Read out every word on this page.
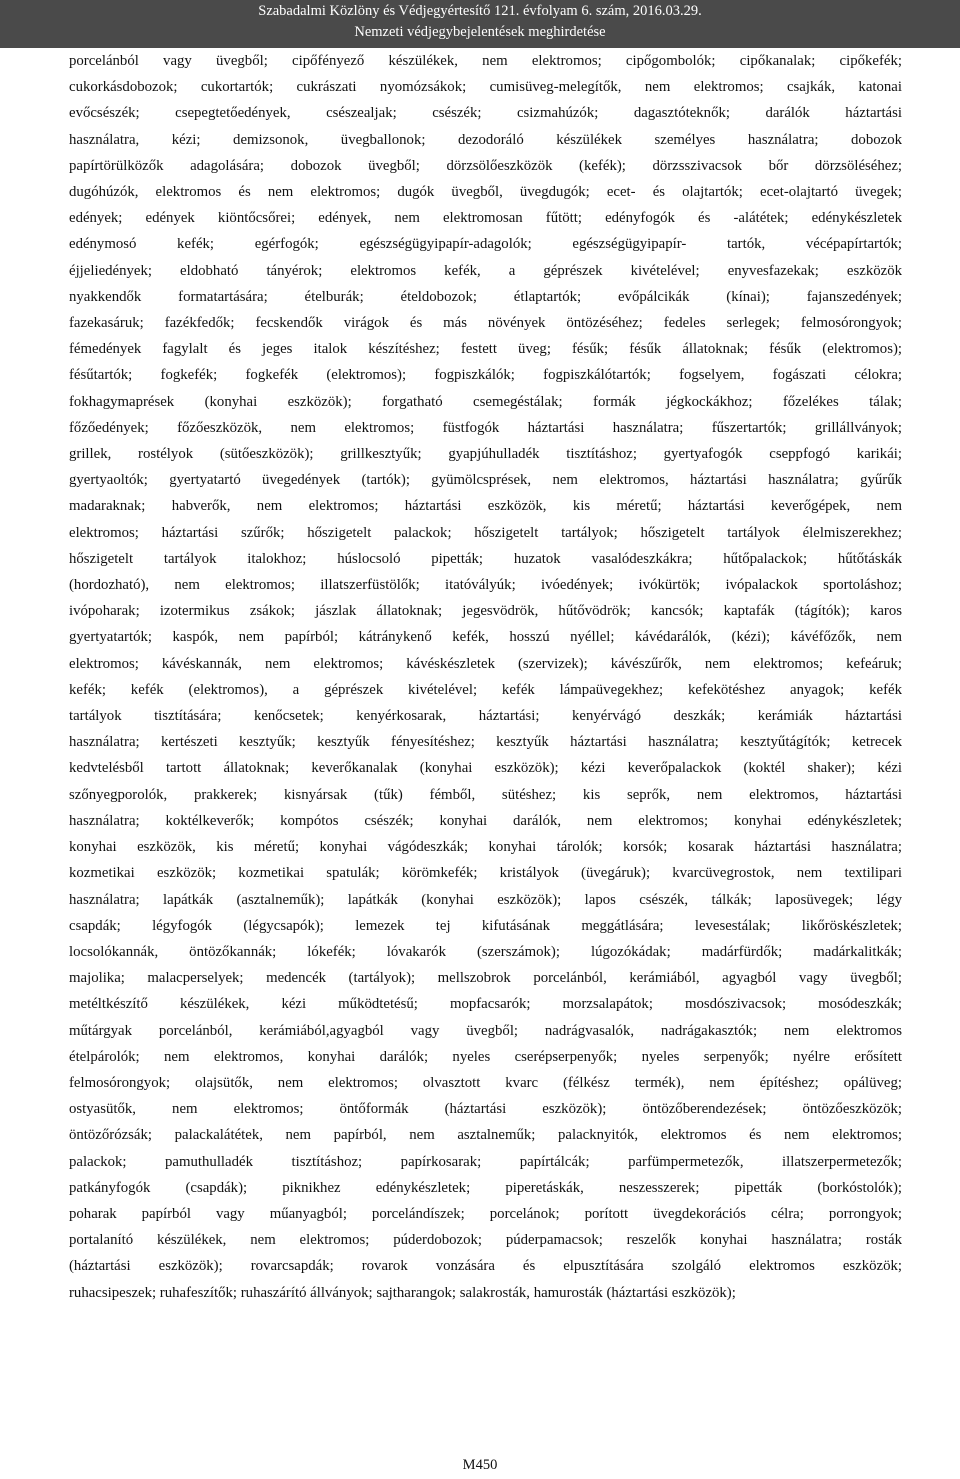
Szabadalmi Közlöny és Védjegyértesítő 121. évfolyam 6. szám, 2016.03.29.
Nemzeti védjegybejelentések meghirdetése
porcelánból vagy üvegből; cipőfényező készülékek, nem elektromos; cipőgombolók; cipőkanalak; cipőkefék;
cukorkásdobozok; cukortartók; cukrászati nyomózsákok; cumisüveg-melegítők, nem elektromos; csajkák, katonai
evőcsészék; csepegtetőedények, csészealjak; csészék; csizmahúzók; dagasztóteknők; darálók háztartási
használatra, kézi; demizsonok, üvegballonok; dezodoráló készülékek személyes használatra; dobozok
papírtörülközők adagolására; dobozok üvegből; dörzsölőeszközök (kefék); dörzsszivacsok bőr dörzsöléséhez;
dugóhúzók, elektromos és nem elektromos; dugók üvegből, üvegdugók; ecet- és olajtartók; ecet-olajtartó üvegek;
edények; edények kiöntőcsőrei; edények, nem elektromosan fűtött; edényfogók és -alátétek; edénykészletek
edénymosó kefék; egérfogók; egészségügyipapír-adagolók; egészségügyipapír- tartók, vécépapírtartók;
éjjeliedények; eldobható tányérok; elektromos kefék, a géprészek kivételével; enyvesfazekak; eszközök
nyakkendők formatartására; ételburák; ételdobozok; étlaptartók; evőpálcikák (kínai); fajanszedények;
fazekasáruk; fazékfedők; fecskendők virágok és más növények öntözéséhez; fedeles serlegek; felmosórongyok;
fémedények fagylalt és jeges italok készítéshez; festett üveg; fésűk; fésűk állatoknak; fésűk (elektromos);
fésűtartók; fogkefék; fogkefék (elektromos); fogpiszkálók; fogpiszkálótartók; fogselyem, fogászati célokra;
fokhagymaprések (konyhai eszközök); forgatható csemegéstálak; formák jégkockákhoz; főzelékes tálak;
főzőedények; főzőeszközök, nem elektromos; füstfogók háztartási használatra; fűszertartók; grillállványok;
grillek, rostélyok (sütőeszközök); grillkesztyűk; gyapjúhulladék tisztításhoz; gyertyafogók cseppfogó karikái;
gyertyaoltók; gyertyatartó üvegedények (tartók); gyümölcsprések, nem elektromos, háztartási használatra; gyűrűk
madaraknak; habverők, nem elektromos; háztartási eszközök, kis méretű; háztartási keverőgépek, nem
elektromos; háztartási szűrők; hőszigetelt palackok; hőszigetelt tartályok; hőszigetelt tartályok élelmiszerekhez;
hőszigetelt tartályok italokhoz; húslocsoló pipetták; huzatok vasalódeszkákra; hűtőpalackok; hűtőtáskák
(hordozható), nem elektromos; illatszerfüstölők; itatóvályúk; ivóedények; ivókürtök; ivópalackok sportoláshoz;
ivópoharak; izotermikus zsákok; jászlak állatoknak; jegesvödrök, hűtővödrök; kancsók; kaptafák (tágítók); karos
gyertyatartók; kaspók, nem papírból; kátránykenő kefék, hosszú nyéllel; kávédarálók, (kézi); kávéfőzők, nem
elektromos; kávéskannák, nem elektromos; kávéskészletek (szervizek); kávészűrők, nem elektromos; kefeáruk;
kefék; kefék (elektromos), a géprészek kivételével; kefék lámpaüvegekhez; kefekötéshez anyagok; kefék
tartályok tisztítására; kenőcsetek; kenyérkosarak, háztartási; kenyérvágó deszkák; kerámiák háztartási
használatra; kertészeti kesztyűk; kesztyűk fényesítéshez; kesztyűk háztartási használatra; kesztyűtágítók; ketrecek
kedvtelésből tartott állatoknak; keverőkanalak (konyhai eszközök); kézi keverőpalackok (koktél shaker); kézi
szőnyegporolók, prakkerek; kisnyársak (tűk) fémből, sütéshez; kis seprők, nem elektromos, háztartási
használatra; koktélkeverők; kompótos csészék; konyhai darálók, nem elektromos; konyhai edénykészletek;
konyhai eszközök, kis méretű; konyhai vágódeszkák; konyhai tárolók; korsók; kosarak háztartási használatra;
kozmetikai eszközök; kozmetikai spatulák; körömkefék; kristályok (üvegáruk); kvarcüvegrostok, nem textilipari
használatra; lapátkák (asztalneműk); lapátkák (konyhai eszközök); lapos csészék, tálkák; laposüvegek; légy
csapdák; légyfogók (légycsapók); lemezek tej kifutásának meggátlására; levesestálak; likőröskészletek;
locsolókannák, öntözőkannák; lókefék; lóvakarók (szerszámok); lúgozókádak; madárfürdők; madárkalitkák;
majolika; malacperselyek; medencék (tartályok); mellszobrok porcelánból, kerámiából, agyagból vagy üvegből;
metéltkészítő készülékek, kézi működtetésű; mopfacsarók; morzsalapátok; mosdószivacsok; mosódeszkák;
műtárgyak porcelánból, kerámiából,agyagból vagy üvegből; nadrágvasalók, nadrágakasztók; nem elektromos
ételpárolók; nem elektromos, konyhai darálók; nyeles cserépserpenyők; nyeles serpenyők; nyélre erősített
felmosórongyok; olajsütők, nem elektromos; olvasztott kvarc (félkész termék), nem építéshez; opálüveg;
ostyasütők, nem elektromos; öntőformák (háztartási eszközök); öntözőberendezések; öntözőeszközök;
öntözőrózsák; palackalátétek, nem papírból, nem asztalneműk; palacknyitók, elektromos és nem elektromos;
palackok; pamuthulladék tisztításhoz; papírkosarak; papírtálcák; parfümpermetezők, illatszerpermetezők;
patkányfogók (csapdák); piknikhez edénykészletek; piperetáskák, neszesszerek; pipetták (borkóstolók);
poharak papírból vagy műanyagból; porcelándíszek; porcelánok; porított üvegdekorációs célra; porrongyok;
portalanító készülékek, nem elektromos; púderdobozok; púderpamacsok; reszelők konyhai használatra; rosták
(háztartási eszközök); rovarcsapdák; rovarok vonzására és elpusztítására szolgáló elektromos eszközök;
ruhacsipeszek; ruhafeszítők; ruhaszárító állványok; sajtharangok; salakrosták, hamurosták (háztartási eszközök);
M450
